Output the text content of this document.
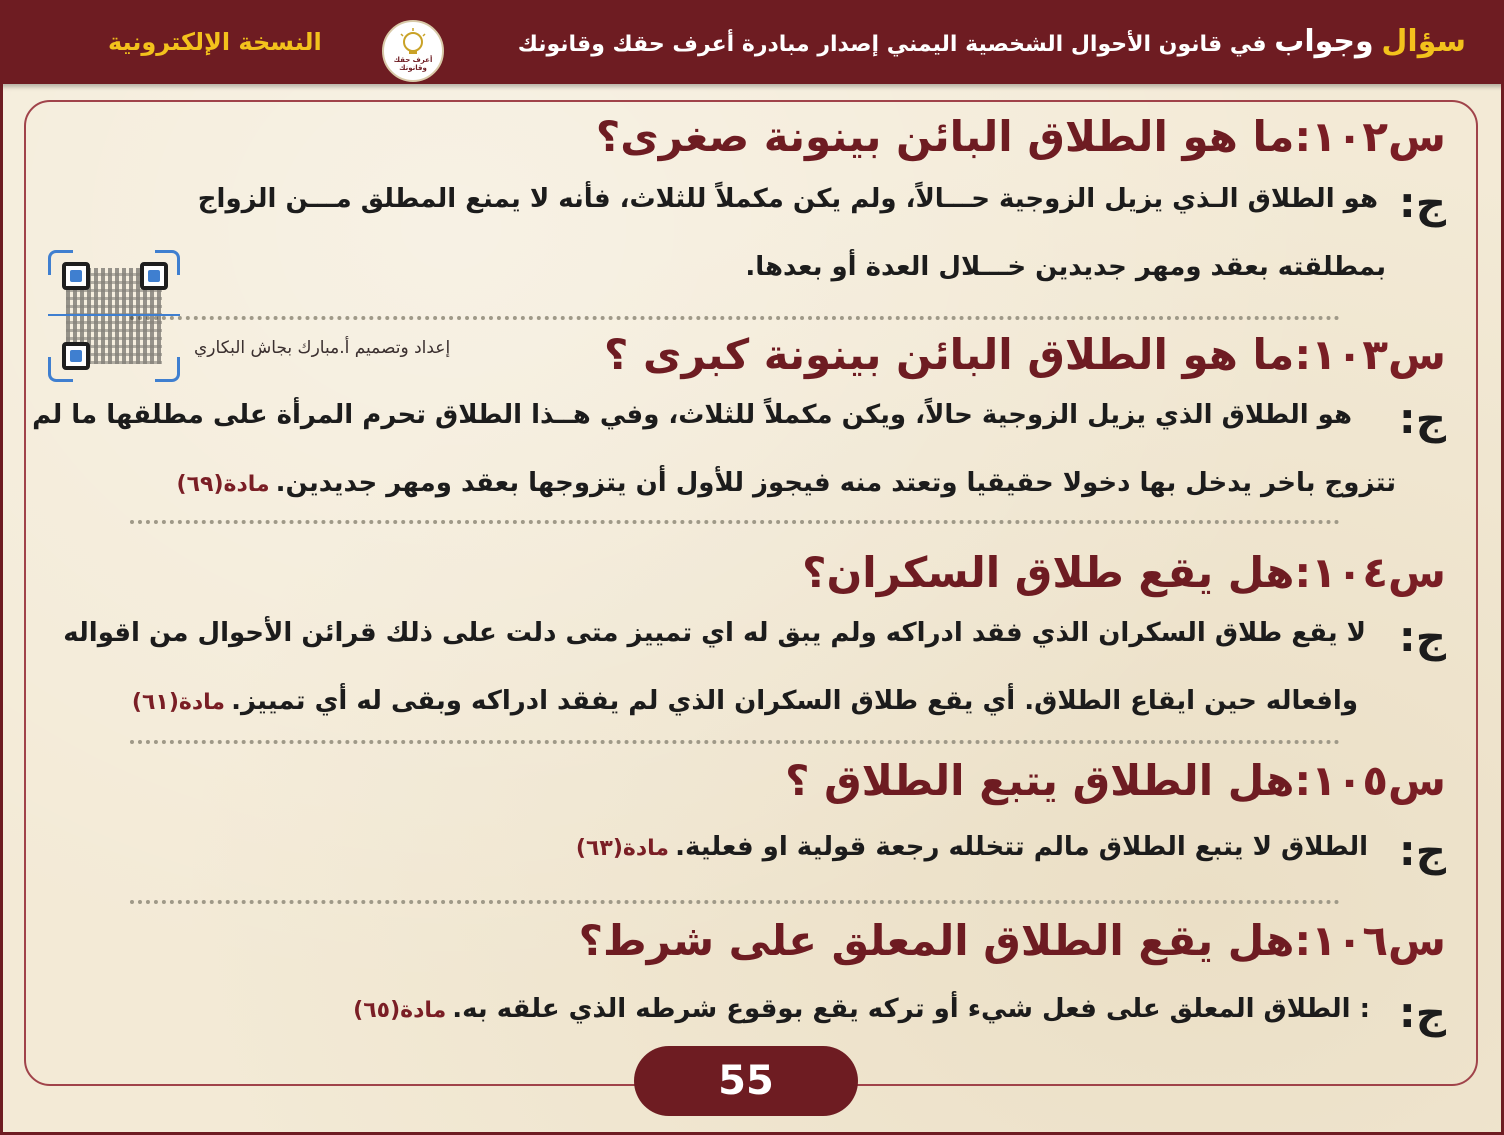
سؤال وجواب في قانون الأحوال الشخصية اليمني إصدار مبادرة أعرف حقك وقانونك
أعرف حقك وقانونك
النسخة الإلكترونية
س١٠٢:ما هو الطلاق البائن بينونة صغرى؟
ج:
هو الطلاق الـذي يزيل الزوجية حـــالاً، ولم يكن مكملاً للثلاث، فأنه لا يمنع المطلق مـــن الزواج
بمطلقته بعقد ومهر جديدين خـــلال العدة أو بعدها.
إعداد وتصميم أ.مبارك بجاش البكاري	س١٠٣:ما هو الطلاق البائن بينونة كبرى ؟
ج:
هو الطلاق الذي يزيل الزوجية حالاً، ويكن مكملاً للثلاث، وفي هــذا الطلاق تحرم المرأة على مطلقها ما لم
تتزوج باخر يدخل بها دخولا حقيقيا وتعتد منه فيجوز للأول أن يتزوجها بعقد ومهر جديدين.مادة(٦٩)
س١٠٤:هل يقع طلاق السكران؟
ج:
لا يقع طلاق السكران الذي فقد ادراكه ولم يبق له اي تمييز متى دلت على ذلك قرائن الأحوال من اقواله
وافعاله حين ايقاع الطلاق. أي يقع طلاق السكران الذي لم يفقد ادراكه وبقى له أي تمييز.مادة(٦١)
س١٠٥:هل الطلاق يتبع الطلاق ؟
ج:
الطلاق لا يتبع الطلاق مالم تتخلله رجعة قولية او فعلية.مادة(٦٣)
س١٠٦:هل يقع الطلاق المعلق على شرط؟
ج:
: الطلاق المعلق على فعل شيء أو تركه يقع بوقوع شرطه الذي علقه به.مادة(٦٥)
55
